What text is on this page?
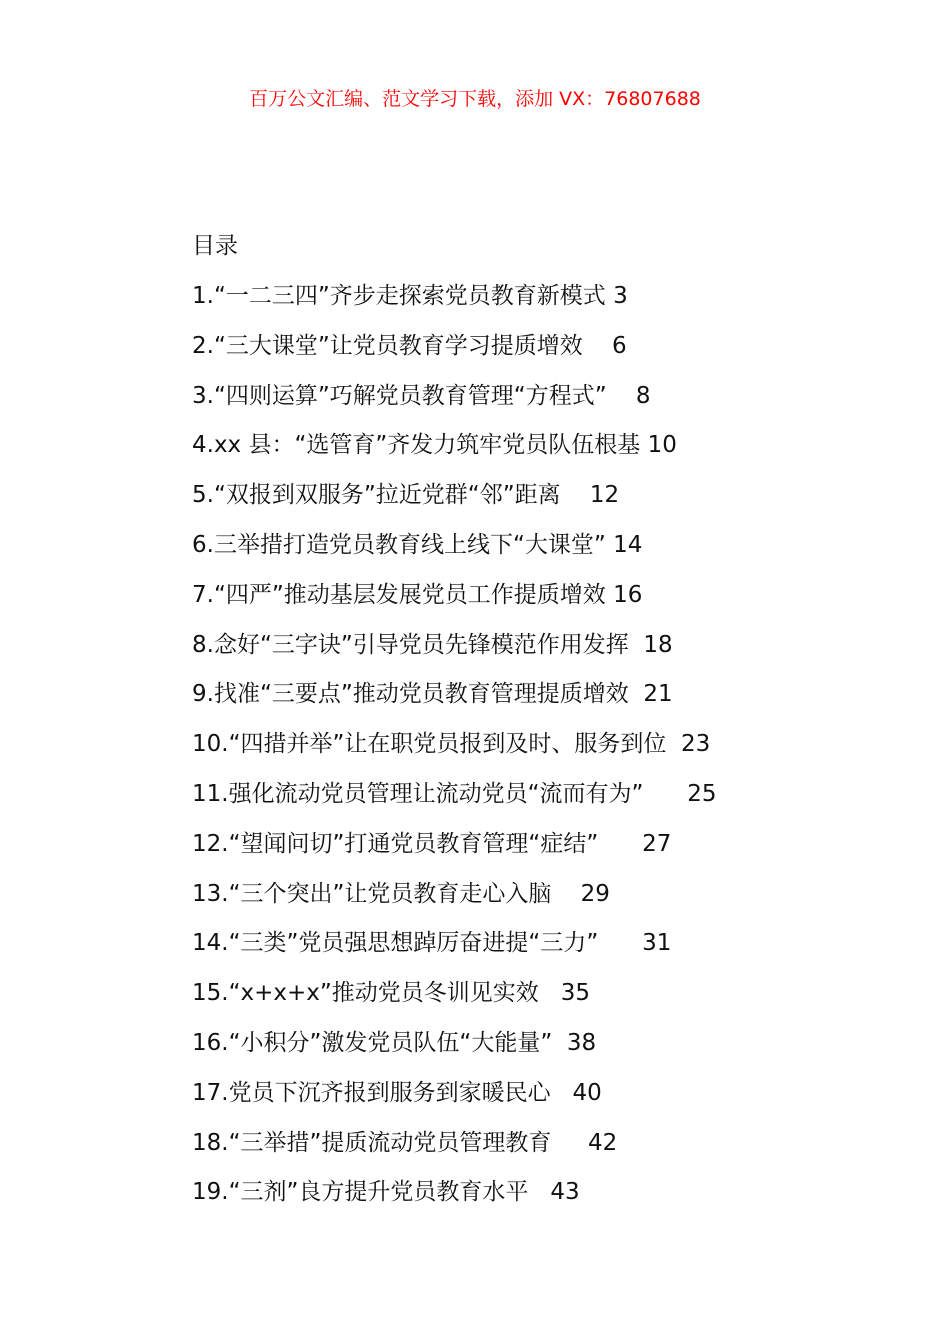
百万公文汇编、范文学习下载，添加 VX：76807688
目录
1.“一二三四”齐步走探索党员教育新模式 3
2.“三大课堂”让党员教育学习提质增效    6
3.“四则运算”巧解党员教育管理“方程式”    8
4.xx 县：“选管育”齐发力筑牢党员队伍根基 10
5.“双报到双服务”拉近党群“邻”距离    12
6.三举措打造党员教育线上线下“大课堂” 14
7.“四严”推动基层发展党员工作提质增效 16
8.念好“三字诀”引导党员先锋模范作用发挥  18
9.找准“三要点”推动党员教育管理提质增效  21
10.“四措并举”让在职党员报到及时、服务到位  23
11.强化流动党员管理让流动党员“流而有为”      25
12.“望闻问切”打通党员教育管理“症结”      27
13.“三个突出”让党员教育走心入脑    29
14.“三类”党员强思想踔厉奋进提“三力”      31
15.“x+x+x”推动党员冬训见实效   35
16.“小积分”激发党员队伍“大能量”  38
17.党员下沉齐报到服务到家暖民心   40
18.“三举措”提质流动党员管理教育     42
19.“三剂”良方提升党员教育水平   43
